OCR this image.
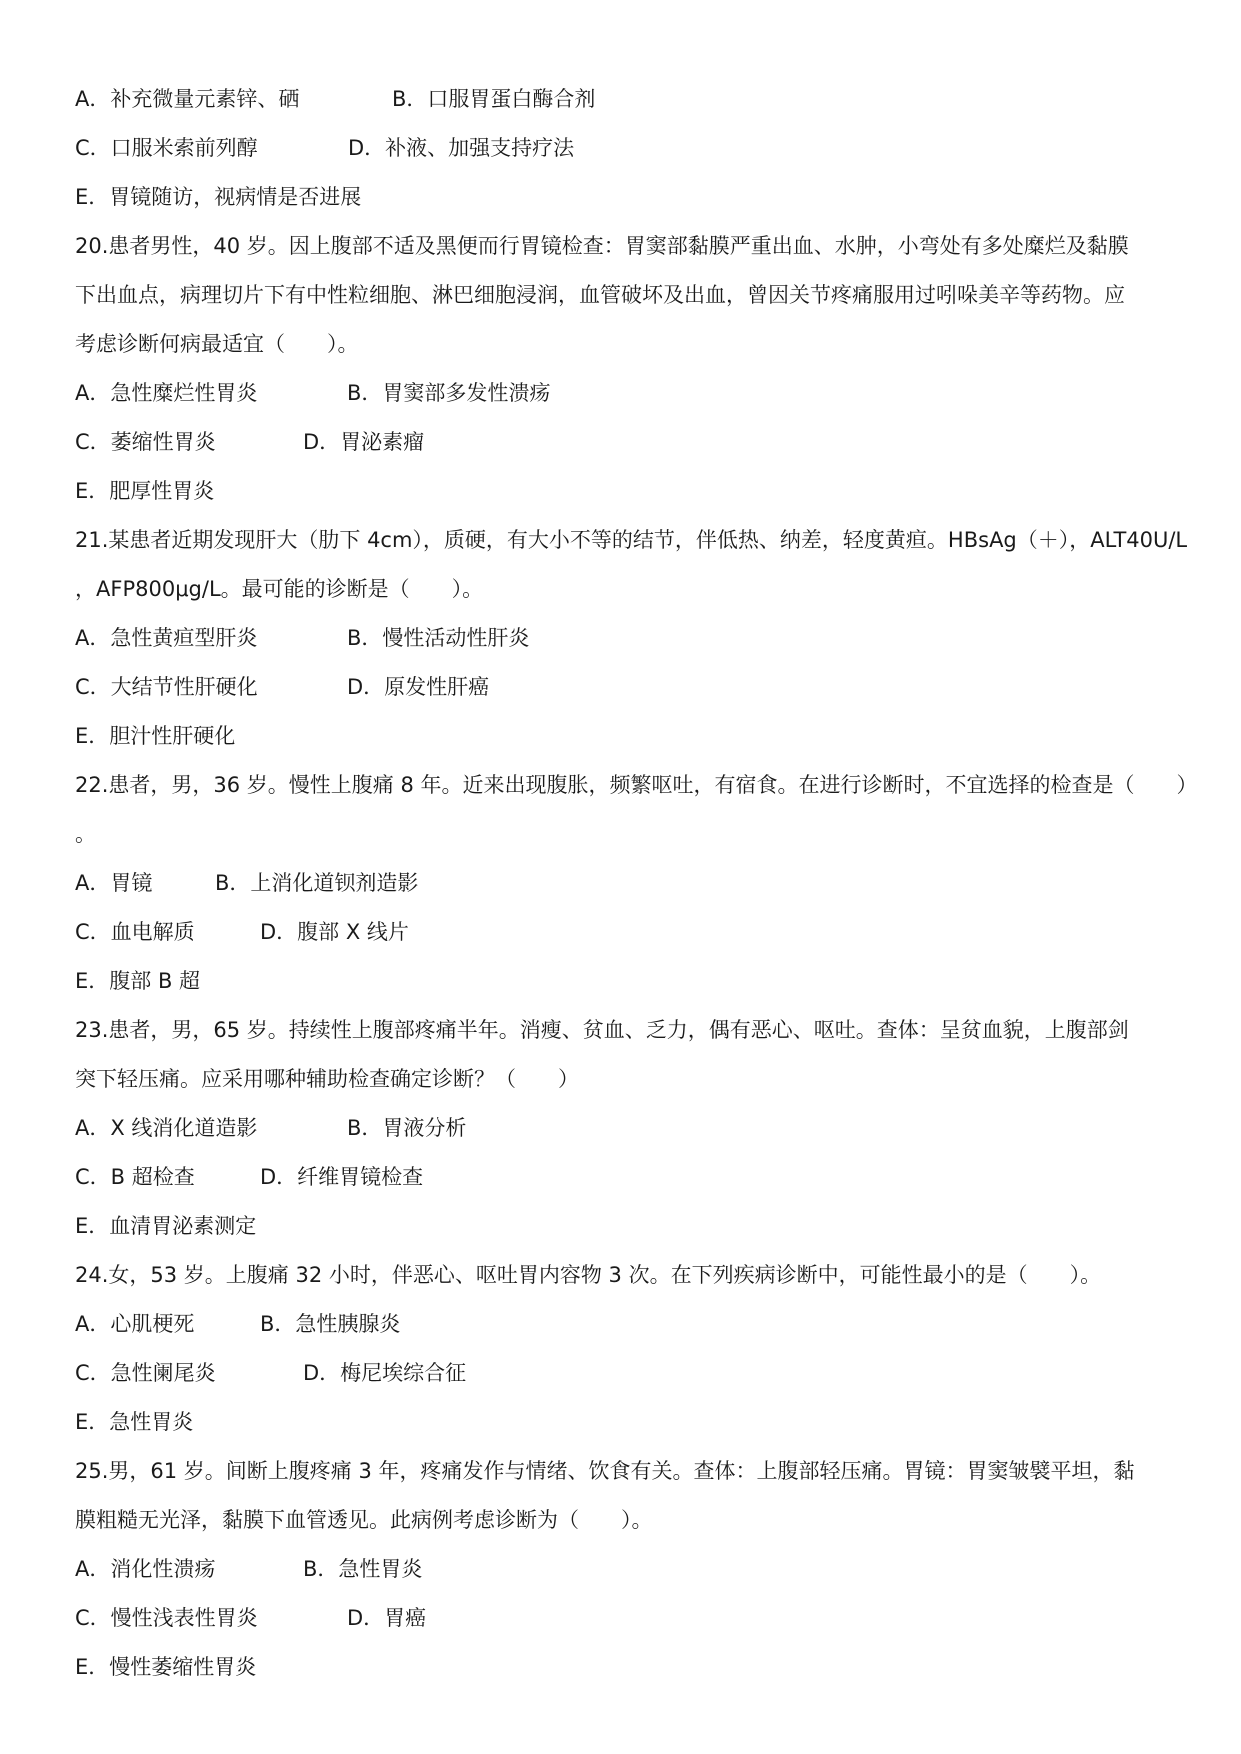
A．补充微量元素锌、硒	B．口服胃蛋白酶合剂
C．口服米索前列醇	D．补液、加强支持疗法
E．胃镜随访，视病情是否进展
20.患者男性，40 岁。因上腹部不适及黑便而行胃镜检查：胃窦部黏膜严重出血、水肿，小弯处有多处糜烂及黏膜
下出血点，病理切片下有中性粒细胞、淋巴细胞浸润，血管破坏及出血，曾因关节疼痛服用过吲哚美辛等药物。应
考虑诊断何病最适宜（　　）。
A．急性糜烂性胃炎	B．胃窦部多发性溃疡
C．萎缩性胃炎	D．胃泌素瘤
E．肥厚性胃炎
21.某患者近期发现肝大（肋下 4cm），质硬，有大小不等的结节，伴低热、纳差，轻度黄疸。HBsAg（＋），ALT40U/L
，AFP800μg/L。最可能的诊断是（　　）。
A．急性黄疸型肝炎	B．慢性活动性肝炎
C．大结节性肝硬化	D．原发性肝癌
E．胆汁性肝硬化
22.患者，男，36 岁。慢性上腹痛 8 年。近来出现腹胀，频繁呕吐，有宿食。在进行诊断时，不宜选择的检查是（　　）
。
A．胃镜	B．上消化道钡剂造影
C．血电解质	D．腹部 X 线片
E．腹部 B 超
23.患者，男，65 岁。持续性上腹部疼痛半年。消瘦、贫血、乏力，偶有恶心、呕吐。查体：呈贫血貌，上腹部剑
突下轻压痛。应采用哪种辅助检查确定诊断？（　　）
A．X 线消化道造影	B．胃液分析
C．B 超检查	D．纤维胃镜检查
E．血清胃泌素测定
24.女，53 岁。上腹痛 32 小时，伴恶心、呕吐胃内容物 3 次。在下列疾病诊断中，可能性最小的是（　　）。
A．心肌梗死	B．急性胰腺炎
C．急性阑尾炎	D．梅尼埃综合征
E．急性胃炎
25.男，61 岁。间断上腹疼痛 3 年，疼痛发作与情绪、饮食有关。查体：上腹部轻压痛。胃镜：胃窦皱襞平坦，黏
膜粗糙无光泽，黏膜下血管透见。此病例考虑诊断为（　　）。
A．消化性溃疡	B．急性胃炎
C．慢性浅表性胃炎	D．胃癌
E．慢性萎缩性胃炎
